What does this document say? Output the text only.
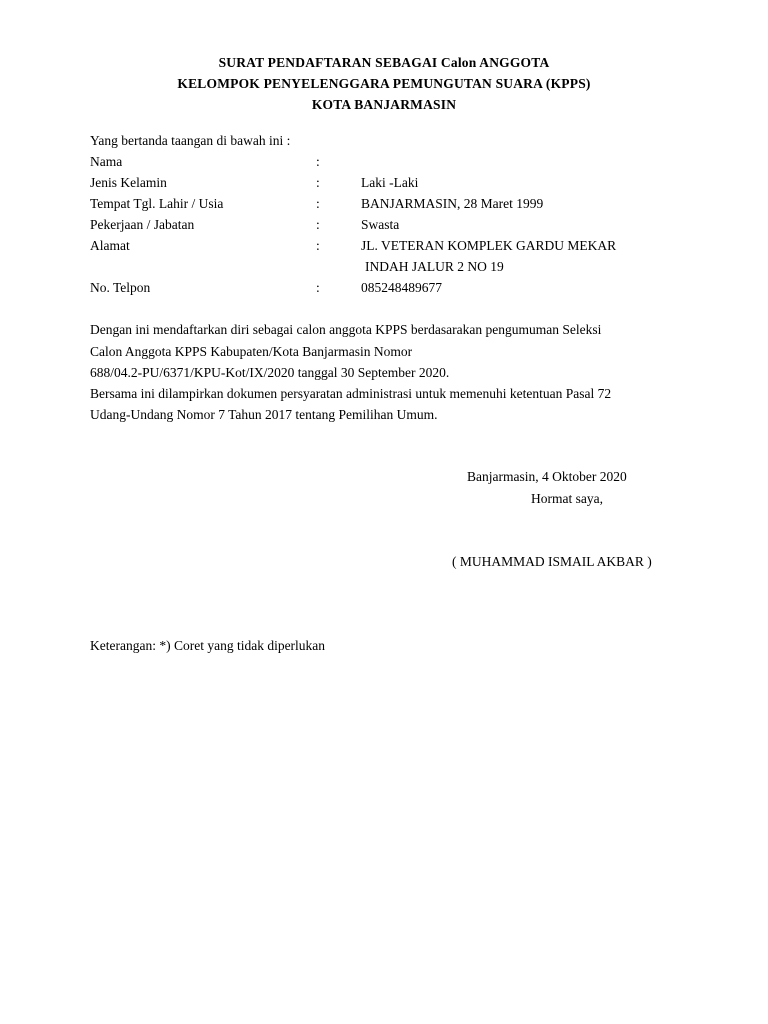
SURAT PENDAFTARAN SEBAGAI Calon ANGGOTA
KELOMPOK PENYELENGGARA PEMUNGUTAN SUARA (KPPS)
KOTA BANJARMASIN
Yang bertanda taangan di bawah ini :
Nama	:
Jenis Kelamin	:	Laki -Laki
Tempat Tgl. Lahir / Usia	:	BANJARMASIN, 28 Maret 1999
Pekerjaan / Jabatan	:	Swasta
Alamat	:	JL. VETERAN KOMPLEK GARDU MEKAR
INDAH JALUR 2 NO 19
No. Telpon	:	085248489677
Dengan ini mendaftarkan diri sebagai calon anggota KPPS berdasarakan pengumuman Seleksi
Calon Anggota KPPS Kabupaten/Kota Banjarmasin Nomor
688/04.2-PU/6371/KPU-Kot/IX/2020 tanggal 30 September 2020.
Bersama ini dilampirkan dokumen persyaratan administrasi untuk memenuhi ketentuan Pasal 72
Udang-Undang Nomor 7 Tahun 2017 tentang Pemilihan Umum.
Banjarmasin, 4 Oktober 2020
Hormat saya,
( MUHAMMAD ISMAIL AKBAR )
Keterangan: *) Coret yang tidak diperlukan
